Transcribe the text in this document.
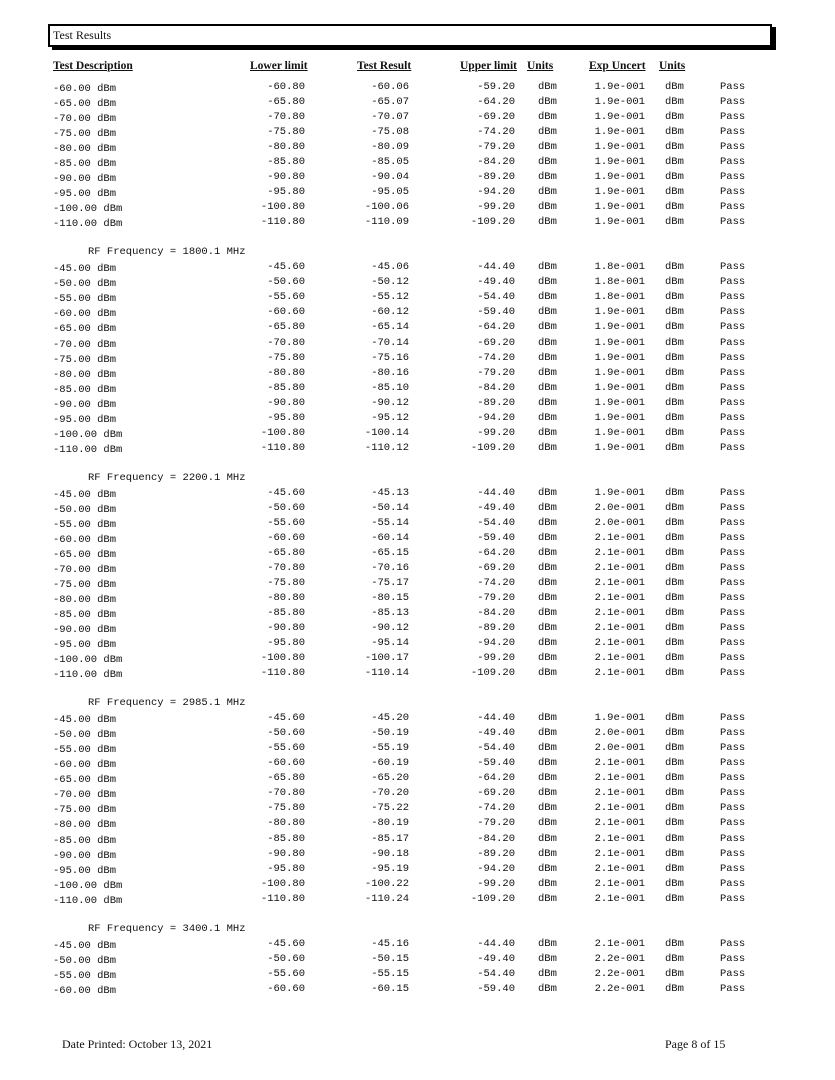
Test Results
Test Description	Lower limit	Test Result	Upper limit Units	Exp Uncert Units
-60.00 dBm	-60.80	-60.06	-59.20 dBm	1.9e-001 dBm	Pass
-65.00 dBm	-65.80	-65.07	-64.20 dBm	1.9e-001 dBm	Pass
-70.00 dBm	-70.80	-70.07	-69.20 dBm	1.9e-001 dBm	Pass
-75.00 dBm	-75.80	-75.08	-74.20 dBm	1.9e-001 dBm	Pass
-80.00 dBm	-80.80	-80.09	-79.20 dBm	1.9e-001 dBm	Pass
-85.00 dBm	-85.80	-85.05	-84.20 dBm	1.9e-001 dBm	Pass
-90.00 dBm	-90.80	-90.04	-89.20 dBm	1.9e-001 dBm	Pass
-95.00 dBm	-95.80	-95.05	-94.20 dBm	1.9e-001 dBm	Pass
-100.00 dBm	-100.80	-100.06	-99.20 dBm	1.9e-001 dBm	Pass
-110.00 dBm	-110.80	-110.09	-109.20 dBm	1.9e-001 dBm	Pass
RF Frequency = 1800.1 MHz
-45.00 dBm	-45.60	-45.06	-44.40 dBm	1.8e-001 dBm	Pass
-50.00 dBm	-50.60	-50.12	-49.40 dBm	1.8e-001 dBm	Pass
-55.00 dBm	-55.60	-55.12	-54.40 dBm	1.8e-001 dBm	Pass
-60.00 dBm	-60.60	-60.12	-59.40 dBm	1.9e-001 dBm	Pass
-65.00 dBm	-65.80	-65.14	-64.20 dBm	1.9e-001 dBm	Pass
-70.00 dBm	-70.80	-70.14	-69.20 dBm	1.9e-001 dBm	Pass
-75.00 dBm	-75.80	-75.16	-74.20 dBm	1.9e-001 dBm	Pass
-80.00 dBm	-80.80	-80.16	-79.20 dBm	1.9e-001 dBm	Pass
-85.00 dBm	-85.80	-85.10	-84.20 dBm	1.9e-001 dBm	Pass
-90.00 dBm	-90.80	-90.12	-89.20 dBm	1.9e-001 dBm	Pass
-95.00 dBm	-95.80	-95.12	-94.20 dBm	1.9e-001 dBm	Pass
-100.00 dBm	-100.80	-100.14	-99.20 dBm	1.9e-001 dBm	Pass
-110.00 dBm	-110.80	-110.12	-109.20 dBm	1.9e-001 dBm	Pass
RF Frequency = 2200.1 MHz
-45.00 dBm	-45.60	-45.13	-44.40 dBm	1.9e-001 dBm	Pass
-50.00 dBm	-50.60	-50.14	-49.40 dBm	2.0e-001 dBm	Pass
-55.00 dBm	-55.60	-55.14	-54.40 dBm	2.0e-001 dBm	Pass
-60.00 dBm	-60.60	-60.14	-59.40 dBm	2.1e-001 dBm	Pass
-65.00 dBm	-65.80	-65.15	-64.20 dBm	2.1e-001 dBm	Pass
-70.00 dBm	-70.80	-70.16	-69.20 dBm	2.1e-001 dBm	Pass
-75.00 dBm	-75.80	-75.17	-74.20 dBm	2.1e-001 dBm	Pass
-80.00 dBm	-80.80	-80.15	-79.20 dBm	2.1e-001 dBm	Pass
-85.00 dBm	-85.80	-85.13	-84.20 dBm	2.1e-001 dBm	Pass
-90.00 dBm	-90.80	-90.12	-89.20 dBm	2.1e-001 dBm	Pass
-95.00 dBm	-95.80	-95.14	-94.20 dBm	2.1e-001 dBm	Pass
-100.00 dBm	-100.80	-100.17	-99.20 dBm	2.1e-001 dBm	Pass
-110.00 dBm	-110.80	-110.14	-109.20 dBm	2.1e-001 dBm	Pass
RF Frequency = 2985.1 MHz
-45.00 dBm	-45.60	-45.20	-44.40 dBm	1.9e-001 dBm	Pass
-50.00 dBm	-50.60	-50.19	-49.40 dBm	2.0e-001 dBm	Pass
-55.00 dBm	-55.60	-55.19	-54.40 dBm	2.0e-001 dBm	Pass
-60.00 dBm	-60.60	-60.19	-59.40 dBm	2.1e-001 dBm	Pass
-65.00 dBm	-65.80	-65.20	-64.20 dBm	2.1e-001 dBm	Pass
-70.00 dBm	-70.80	-70.20	-69.20 dBm	2.1e-001 dBm	Pass
-75.00 dBm	-75.80	-75.22	-74.20 dBm	2.1e-001 dBm	Pass
-80.00 dBm	-80.80	-80.19	-79.20 dBm	2.1e-001 dBm	Pass
-85.00 dBm	-85.80	-85.17	-84.20 dBm	2.1e-001 dBm	Pass
-90.00 dBm	-90.80	-90.18	-89.20 dBm	2.1e-001 dBm	Pass
-95.00 dBm	-95.80	-95.19	-94.20 dBm	2.1e-001 dBm	Pass
-100.00 dBm	-100.80	-100.22	-99.20 dBm	2.1e-001 dBm	Pass
-110.00 dBm	-110.80	-110.24	-109.20 dBm	2.1e-001 dBm	Pass
RF Frequency = 3400.1 MHz
-45.00 dBm	-45.60	-45.16	-44.40 dBm	2.1e-001 dBm	Pass
-50.00 dBm	-50.60	-50.15	-49.40 dBm	2.2e-001 dBm	Pass
-55.00 dBm	-55.60	-55.15	-54.40 dBm	2.2e-001 dBm	Pass
-60.00 dBm	-60.60	-60.15	-59.40 dBm	2.2e-001 dBm	Pass
Date Printed: October 13, 2021	Page 8 of 15
